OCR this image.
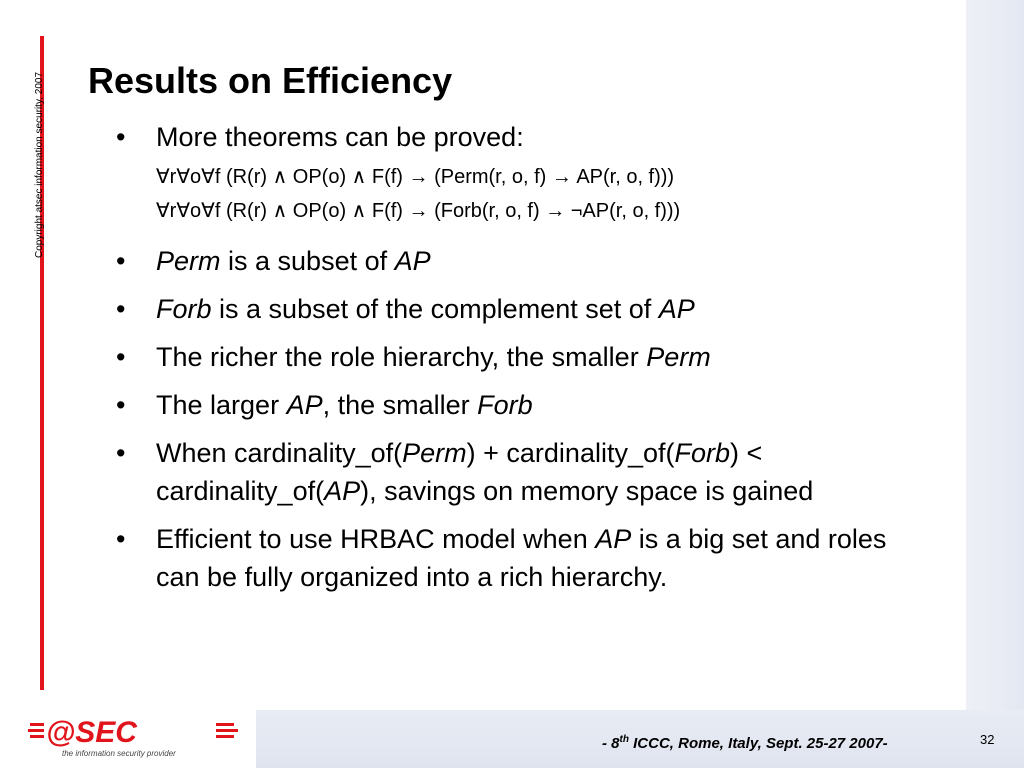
Copyright atsec information security, 2007 Results on Efficiency
• More theorems can be proved:
∀r∀o∀f (R(r) ∧ OP(o) ∧ F(f) → (Perm(r, o, f) → AP(r, o, f)))
∀r∀o∀f (R(r) ∧ OP(o) ∧ F(f) → (Forb(r, o, f) → ¬AP(r, o, f)))
• Perm is a subset of AP
• Forb is a subset of the complement set of AP
• The richer the role hierarchy, the smaller Perm
• The larger AP, the smaller Forb
• When cardinality_of(Perm) + cardinality_of(Forb) < cardinality_of(AP), savings on memory space is gained
• Efficient to use HRBAC model when AP is a big set and roles can be fully organized into a rich hierarchy.
@SEC
the information security provider
- 8th ICCC, Rome, Italy, Sept. 25-27 2007-	32
